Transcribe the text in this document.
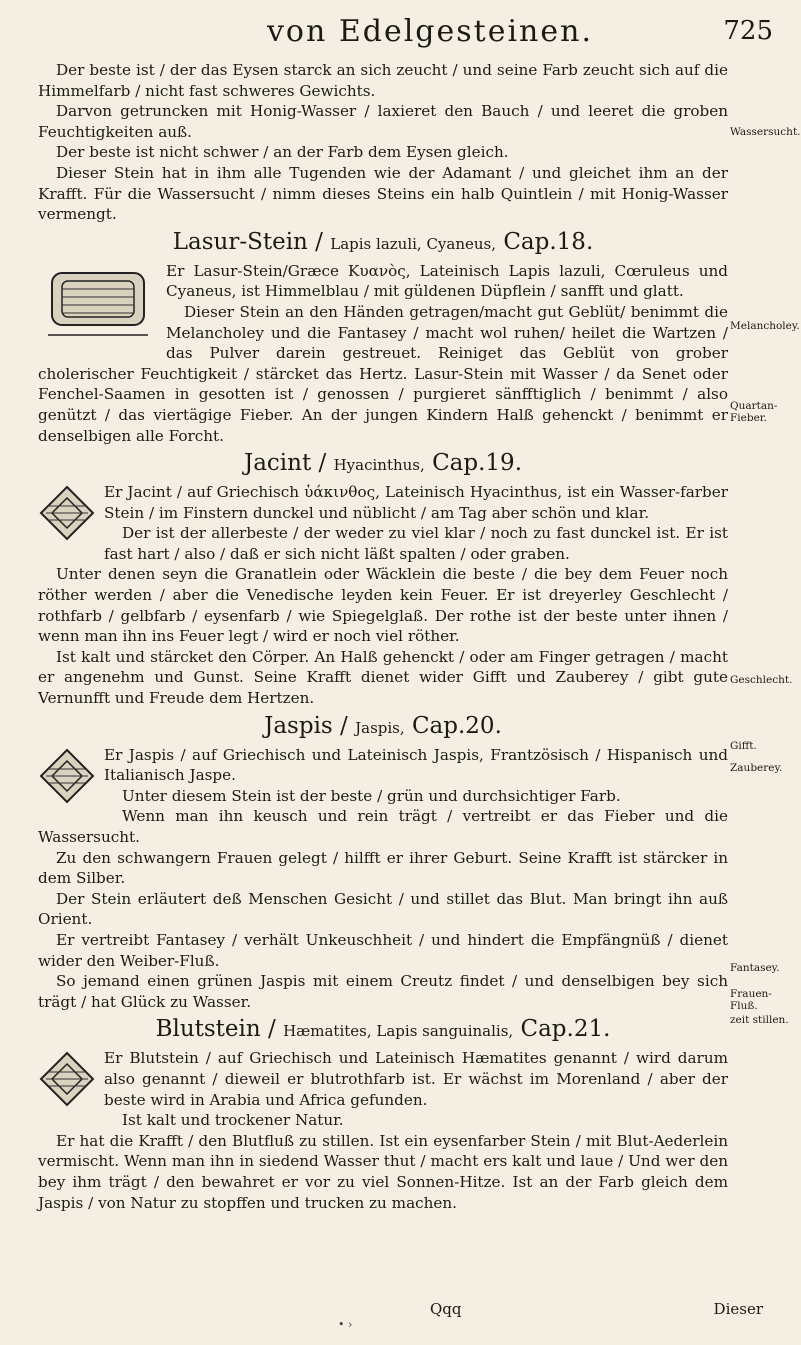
von Edelgesteinen.	725

Der beste ist / der das Eysen starck an sich zeucht / und seine Farb zeucht sich auf die Himmelfarb / nicht fast schweres Gewichts.

Darvon getruncken mit Honig-Wasser / laxieret den Bauch / und leeret die groben Feuchtigkeiten auß.

Der beste ist nicht schwer / an der Farb dem Eysen gleich.

Dieser Stein hat in ihm alle Tugenden wie der Adamant / und gleichet ihm an der Krafft. Für die Wassersucht / nimm dieses Steins ein halb Quintlein / mit Honig-Wasser vermengt.

Lasur-Stein / Lapis lazuli, Cyaneus, Cap.18.

Er Lasur-Stein/Græce Κυανὸς, Lateinisch Lapis lazuli, Cœruleus und Cyaneus, ist Himmelblau / mit güldenen Düpflein / sanfft und glatt.

Dieser Stein an den Händen getragen/macht gut Geblüt/ benimmt die Melancholey und die Fantasey / macht wol ruhen/ heilet die Wartzen / das Pulver darein gestreuet. Reiniget das Geblüt von grober cholerischer Feuchtigkeit / stärcket das Hertz. Lasur-Stein mit Wasser / da Senet oder Fenchel-Saamen in gesotten ist / genossen / purgieret sänfftiglich / benimmt / also genützt / das viertägige Fieber. An der jungen Kindern Halß gehenckt / benimmt er denselbigen alle Forcht.

Jacint / Hyacinthus, Cap.19.

Er Jacint / auf Griechisch ὑάκινθος, Lateinisch Hyacinthus, ist ein Wasser-farber Stein / im Finstern dunckel und nüblicht / am Tag aber schön und klar.

Der ist der allerbeste / der weder zu viel klar / noch zu fast dunckel ist. Er ist fast hart / also / daß er sich nicht läßt spalten / oder graben.

Unter denen seyn die Granatlein oder Wäcklein die beste / die bey dem Feuer noch röther werden / aber die Venedische leyden kein Feuer. Er ist dreyerley Geschlecht / rothfarb / gelbfarb / eysenfarb / wie Spiegelglaß. Der rothe ist der beste unter ihnen / wenn man ihn ins Feuer legt / wird er noch viel röther.

Ist kalt und stärcket den Cörper. An Halß gehenckt / oder am Finger getragen / macht er angenehm und Gunst. Seine Krafft dienet wider Gifft und Zauberey / gibt gute Vernunfft und Freude dem Hertzen.

Jaspis / Jaspis, Cap.20.

Er Jaspis / auf Griechisch und Lateinisch Jaspis, Frantzösisch / Hispanisch und Italianisch Jaspe.

Unter diesem Stein ist der beste / grün und durchsichtiger Farb.

Wenn man ihn keusch und rein trägt / vertreibt er das Fieber und die Wassersucht.

Zu den schwangern Frauen gelegt / hilfft er ihrer Geburt. Seine Krafft ist stärcker in dem Silber.

Der Stein erläutert deß Menschen Gesicht / und stillet das Blut. Man bringt ihn auß Orient.

Er vertreibt Fantasey / verhält Unkeuschheit / und hindert die Empfängnüß / dienet wider den Weiber-Fluß.

So jemand einen grünen Jaspis mit einem Creutz findet / und denselbigen bey sich trägt / hat Glück zu Wasser.

Blutstein / Hæmatites, Lapis sanguinalis, Cap.21.

Er Blutstein / auf Griechisch und Lateinisch Hæmatites genannt / wird darum also genannt / dieweil er blutrothfarb ist. Er wächst im Morenland / aber der beste wird in Arabia und Africa gefunden.

Ist kalt und trockener Natur.

Er hat die Krafft / den Blutfluß zu stillen. Ist ein eysenfarber Stein / mit Blut-Aederlein vermischt. Wenn man ihn in siedend Wasser thut / macht ers kalt und laue / Und wer den bey ihm trägt / den bewahret er vor zu viel Sonnen-Hitze. Ist an der Farb gleich dem Jaspis / von Natur zu stopffen und trucken zu machen.

Wassersucht.
Melancholey.
Quartan-Fieber.
Geschlecht.
Gifft.
Zauberey.
Fantasey.
Frauen-Fluß.
zeit stillen.
Qqq	Dieser
• ›
